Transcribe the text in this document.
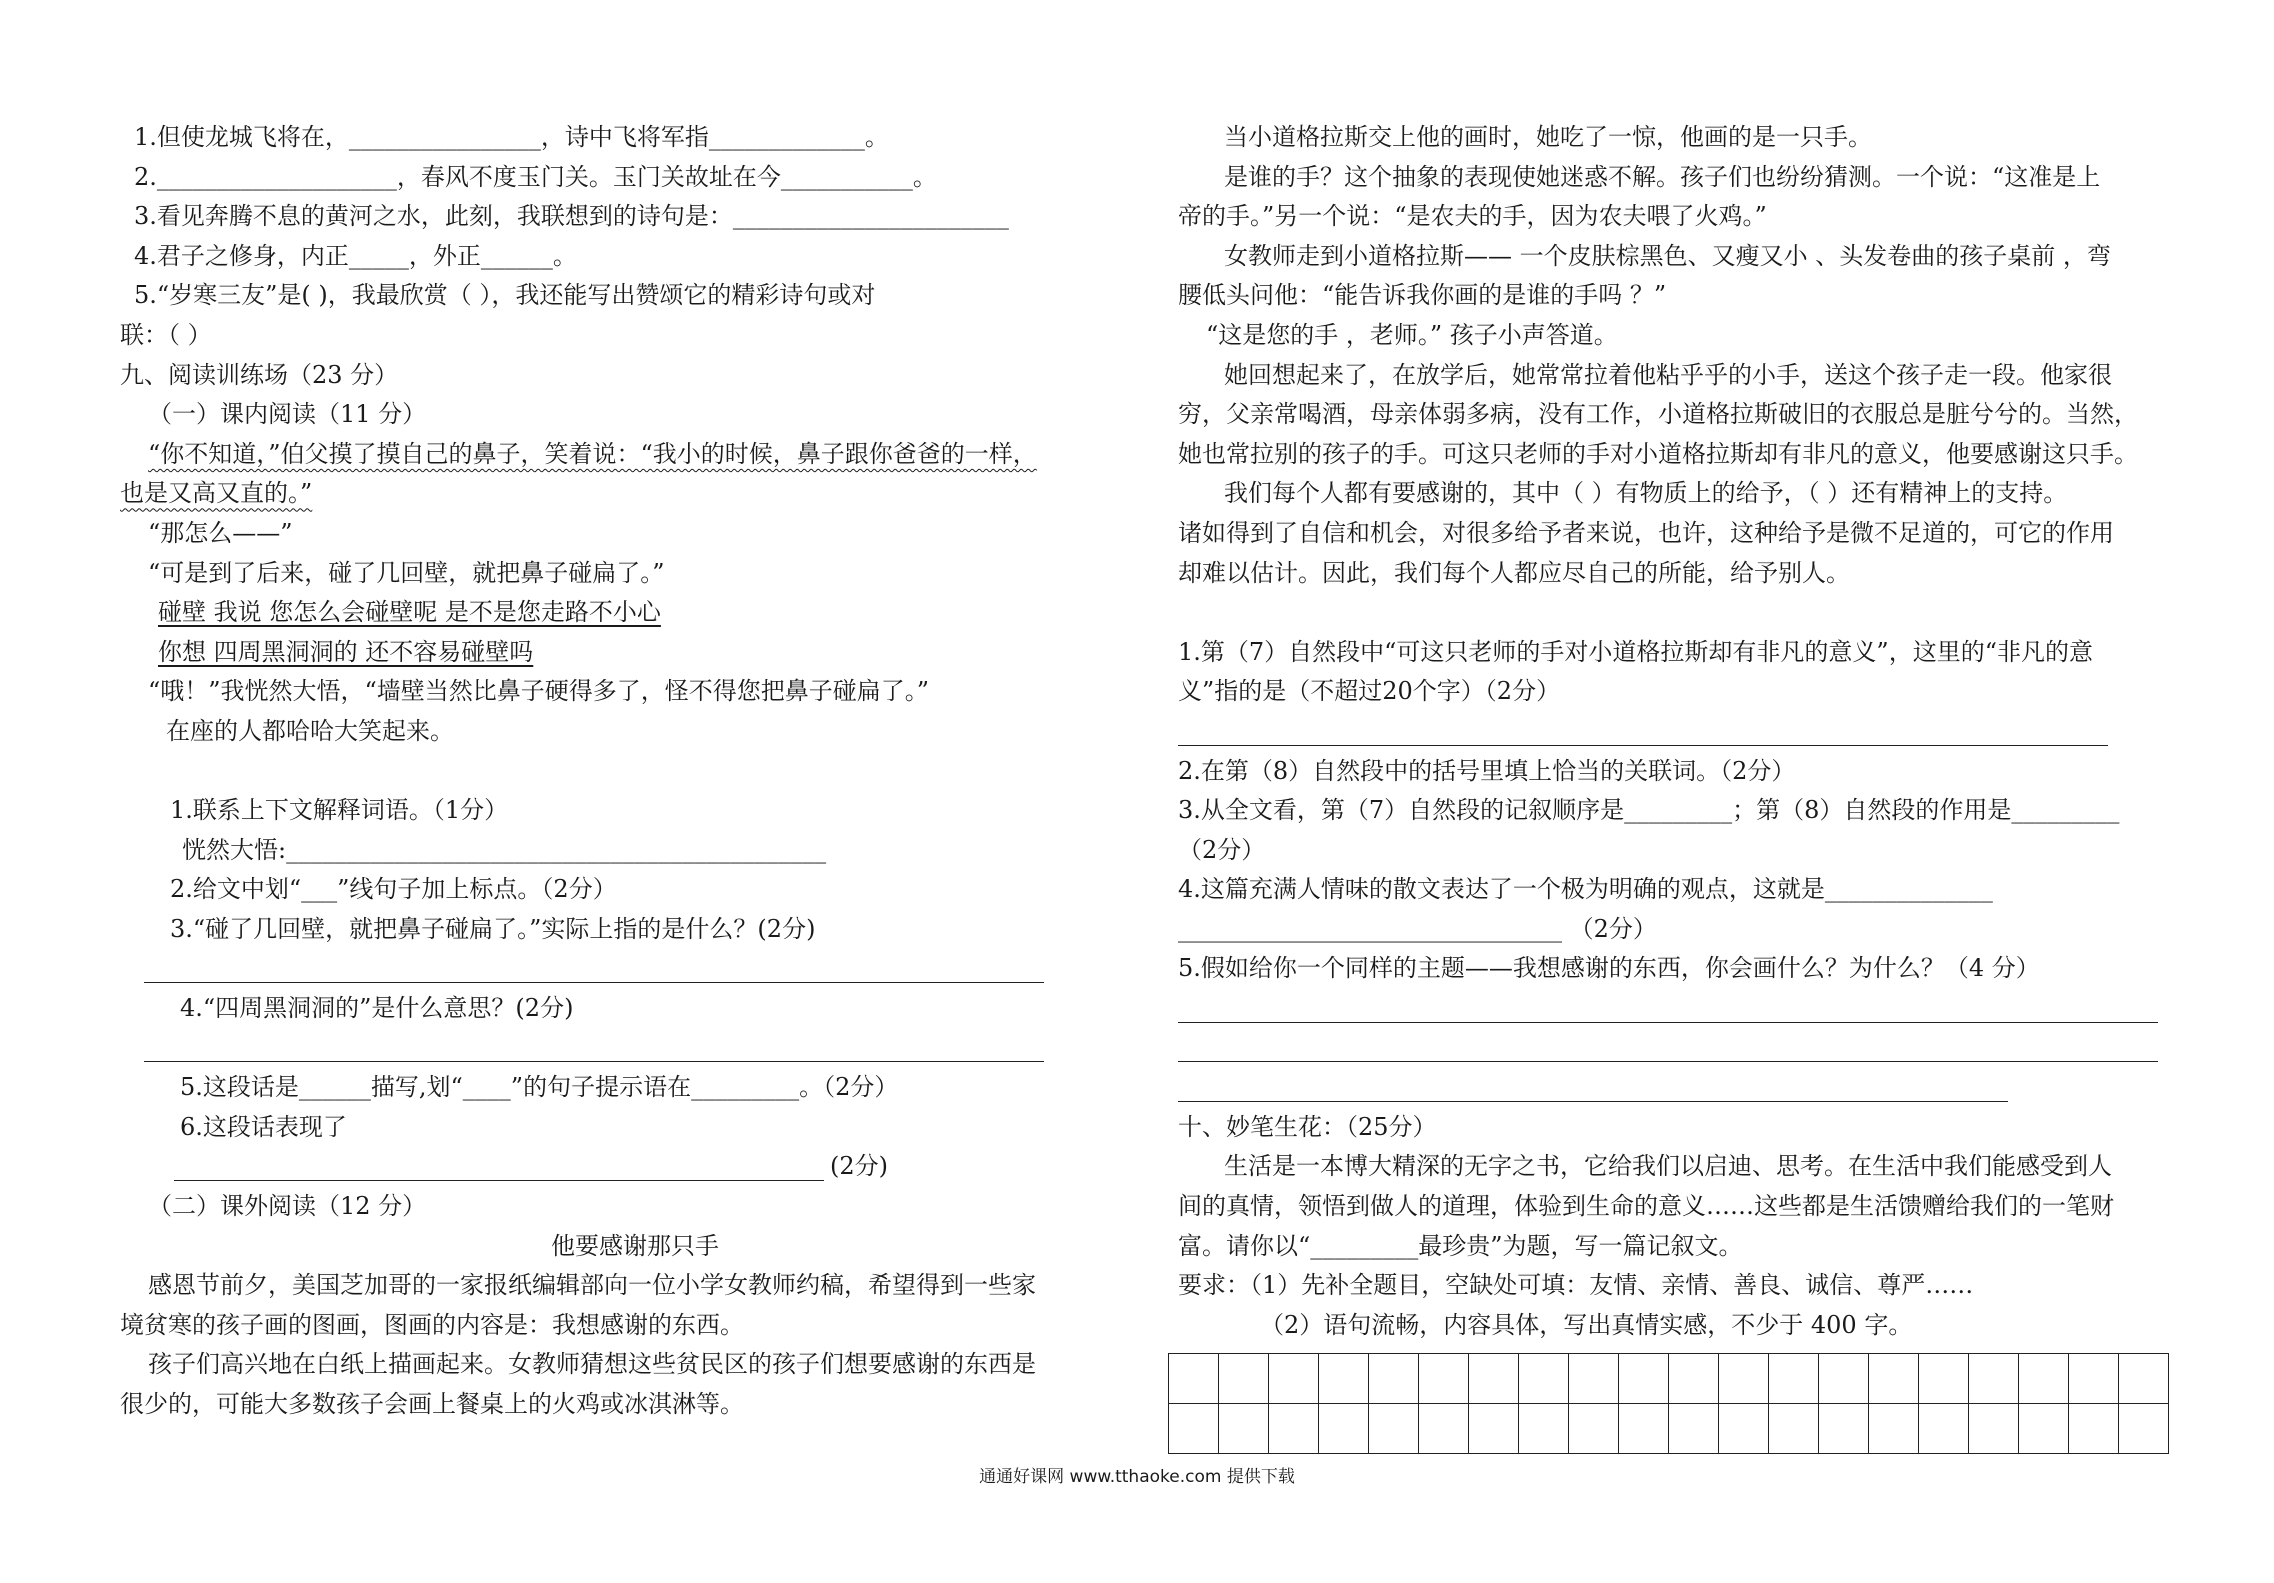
1.但使龙城飞将在，________________，诗中飞将军指_____________。
2.____________________，春风不度玉门关。玉门关故址在今___________。
3.看见奔腾不息的黄河之水，此刻，我联想到的诗句是：_______________________
4.君子之修身，内正_____，外正______。
5.“岁寒三友”是( )，我最欣赏（ ），我还能写出赞颂它的精彩诗句或对
联：（ ）
九、阅读训练场（23 分）
（一）课内阅读（11 分）
“你不知道，”伯父摸了摸自己的鼻子，笑着说：“我小的时候，鼻子跟你爸爸的一样，
也是又高又直的。”
“那怎么——”
“可是到了后来，碰了几回壁，就把鼻子碰扁了。”
碰壁 我说 您怎么会碰壁呢 是不是您走路不小心
你想 四周黑洞洞的 还不容易碰壁吗
“哦！”我恍然大悟，“墙壁当然比鼻子硬得多了，怪不得您把鼻子碰扁了。”
在座的人都哈哈大笑起来。
1.联系上下文解释词语。（1分）
恍然大悟:_____________________________________________
2.给文中划“___”线句子加上标点。（2分）
3.“碰了几回壁，就把鼻子碰扁了。”实际上指的是什么？(2分)
4.“四周黑洞洞的”是什么意思？(2分)
5.这段话是______描写,划“____”的句子提示语在_________。（2分）
6.这段话表现了
(2分)
（二）课外阅读（12 分）
他要感谢那只手
感恩节前夕，美国芝加哥的一家报纸编辑部向一位小学女教师约稿，希望得到一些家
境贫寒的孩子画的图画，图画的内容是：我想感谢的东西。
孩子们高兴地在白纸上描画起来。女教师猜想这些贫民区的孩子们想要感谢的东西是
很少的，可能大多数孩子会画上餐桌上的火鸡或冰淇淋等。
当小道格拉斯交上他的画时，她吃了一惊，他画的是一只手。
是谁的手？这个抽象的表现使她迷惑不解。孩子们也纷纷猜测。一个说：“这准是上
帝的手。”另一个说：“是农夫的手，因为农夫喂了火鸡。”
女教师走到小道格拉斯—— 一个皮肤棕黑色、又瘦又小 、头发卷曲的孩子桌前 ，弯
腰低头问他：“能告诉我你画的是谁的手吗 ？”
“这是您的手 ，老师。” 孩子小声答道。
她回想起来了，在放学后，她常常拉着他粘乎乎的小手，送这个孩子走一段。他家很
穷，父亲常喝酒，母亲体弱多病，没有工作，小道格拉斯破旧的衣服总是脏兮兮的。当然，
她也常拉别的孩子的手。可这只老师的手对小道格拉斯却有非凡的意义，他要感谢这只手。
我们每个人都有要感谢的，其中（ ）有物质上的给予，（ ）还有精神上的支持。
诸如得到了自信和机会，对很多给予者来说，也许，这种给予是微不足道的，可它的作用
却难以估计。因此，我们每个人都应尽自己的所能，给予别人。
1.第（7）自然段中“可这只老师的手对小道格拉斯却有非凡的意义”，这里的“非凡的意
义”指的是（不超过20个字）（2分）
2.在第（8）自然段中的括号里填上恰当的关联词。（2分）
3.从全文看，第（7）自然段的记叙顺序是_________；第（8）自然段的作用是_________
（2分）
4.这篇充满人情味的散文表达了一个极为明确的观点，这就是______________
________________________________ （2分）
5.假如给你一个同样的主题——我想感谢的东西，你会画什么？为什么？（4 分）
十、妙笔生花：（25分）
生活是一本博大精深的无字之书，它给我们以启迪、思考。在生活中我们能感受到人
间的真情，领悟到做人的道理，体验到生命的意义……这些都是生活馈赠给我们的一笔财
富。请你以“_________最珍贵”为题，写一篇记叙文。
要求：（1）先补全题目，空缺处可填：友情、亲情、善良、诚信、尊严……
（2）语句流畅，内容具体，写出真情实感，不少于 400 字。

通通好课网 www.tthaoke.com 提供下载
